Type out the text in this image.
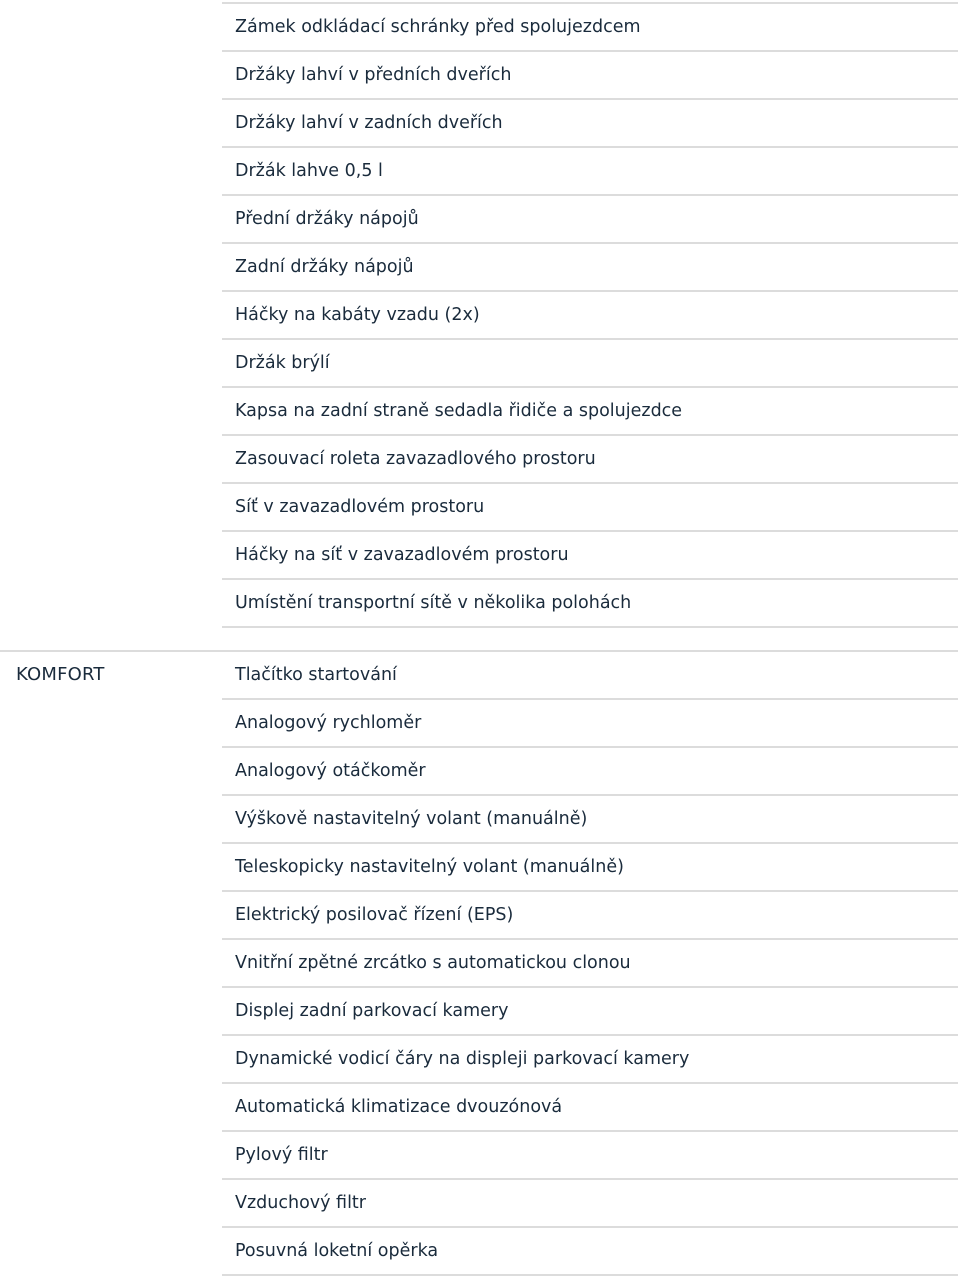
Zámek odkládací schránky před spolujezdcem
Držáky lahví v předních dveřích
Držáky lahví v zadních dveřích
Držák lahve 0,5 l
Přední držáky nápojů
Zadní držáky nápojů
Háčky na kabáty vzadu (2x)
Držák brýlí
Kapsa na zadní straně sedadla řidiče a spolujezdce
Zasouvací roleta zavazadlového prostoru
Síť v zavazadlovém prostoru
Háčky na síť v zavazadlovém prostoru
Umístění transportní sítě v několika polohách
KOMFORT	Tlačítko startování
Analogový rychloměr
Analogový otáčkoměr
Výškově nastavitelný volant (manuálně)
Teleskopicky nastavitelný volant (manuálně)
Elektrický posilovač řízení (EPS)
Vnitřní zpětné zrcátko s automatickou clonou
Displej zadní parkovací kamery
Dynamické vodicí čáry na displeji parkovací kamery
Automatická klimatizace dvouzónová
Pylový filtr
Vzduchový filtr
Posuvná loketní opěrka
